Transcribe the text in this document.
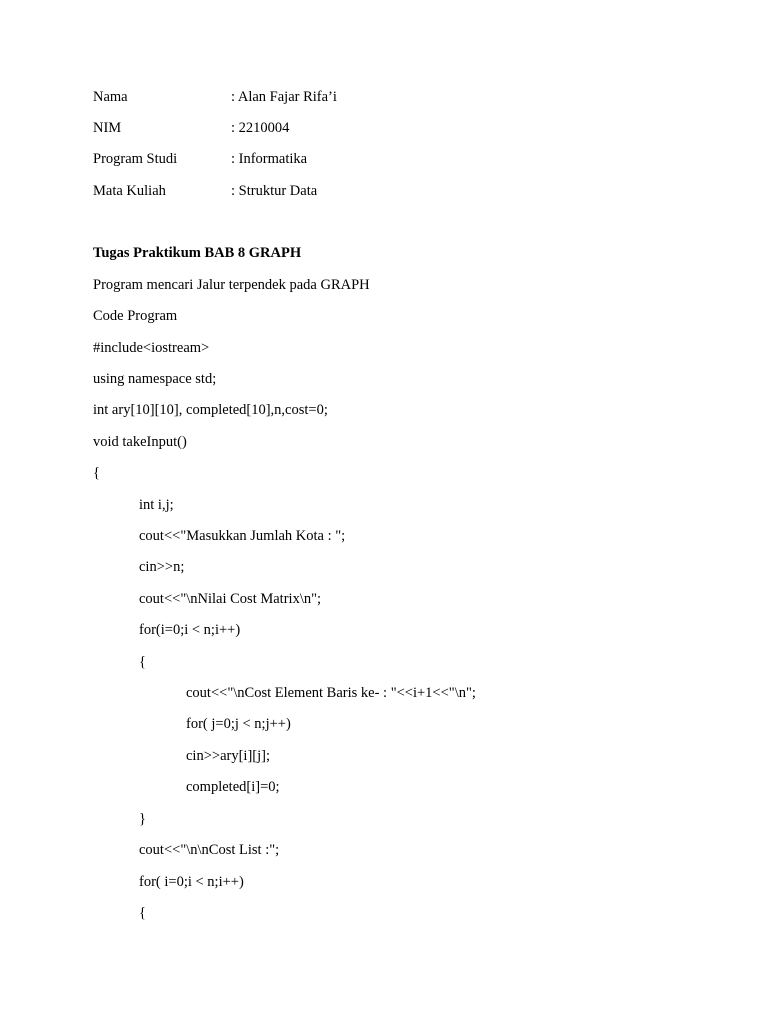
Nama	: Alan Fajar Rifa’i
NIM	: 2210004
Program Studi	: Informatika
Mata Kuliah	: Struktur Data
Tugas Praktikum BAB 8 GRAPH
Program mencari Jalur terpendek pada GRAPH
Code Program
#include<iostream>
using namespace std;
int ary[10][10], completed[10],n,cost=0;
void takeInput()
{
int i,j;
cout<<"Masukkan Jumlah Kota : ";
cin>>n;
cout<<"\nNilai Cost Matrix\n";
for(i=0;i < n;i++)
{
cout<<"\nCost Element Baris ke- : "<<i+1<<"\n";
for( j=0;j < n;j++)
cin>>ary[i][j];
completed[i]=0;
}
cout<<"\n\nCost List :";
for( i=0;i < n;i++)
{
